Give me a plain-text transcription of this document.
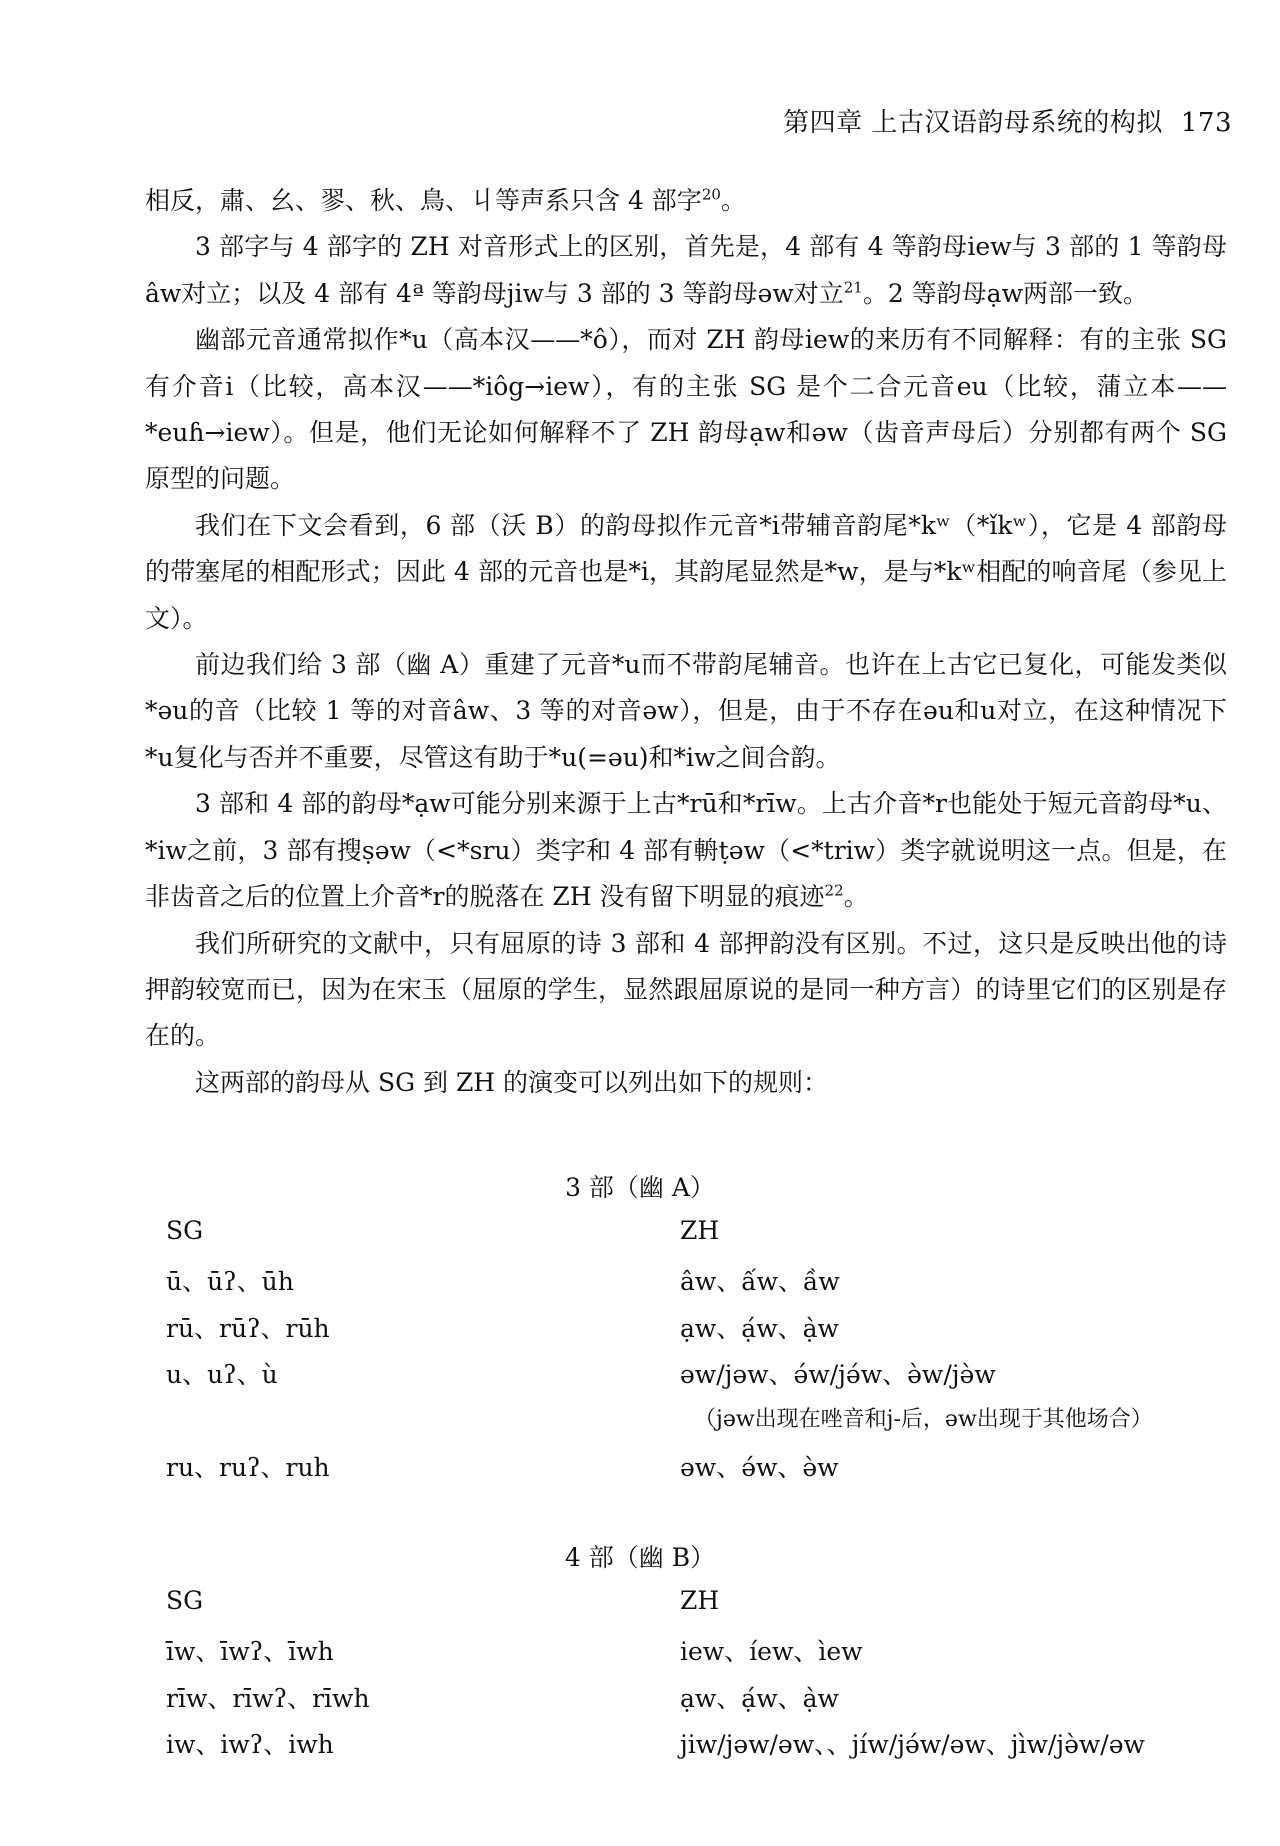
第四章 上古汉语韵母系统的构拟 173

相反，肅、幺、翏、秋、鳥、丩等声系只含 4 部字$^{20}$。

3 部字与 4 部字的 ZH 对音形式上的区别，首先是，4 部有 4 等韵母iew与 3 部的 1 等韵母âw对立；以及 4 部有 4ª 等韵母jiw与 3 部的 3 等韵母əw对立$^{21}$。2 等韵母ạw两部一致。

幽部元音通常拟作*u（高本汉——*ô），而对 ZH 韵母iew的来历有不同解释：有的主张 SG 有介音i（比较，高本汉——*iôg→iew），有的主张 SG 是个二合元音eu（比较，蒲立本——*euɦ→iew）。但是，他们无论如何解释不了 ZH 韵母ạw和əw（齿音声母后）分别都有两个 SG 原型的问题。

我们在下文会看到，6 部（沃 B）的韵母拟作元音*i带辅音韵尾*kʷ（*ǐkʷ），它是 4 部韵母的带塞尾的相配形式；因此 4 部的元音也是*i，其韵尾显然是*w，是与*kʷ相配的响音尾（参见上文）。

前边我们给 3 部（幽 A）重建了元音*u而不带韵尾辅音。也许在上古它已复化，可能发类似*əu的音（比较 1 等的对音âw、3 等的对音əw），但是，由于不存在əu和u对立，在这种情况下*u复化与否并不重要，尽管这有助于*u(=əu)和*iw之间合韵。

3 部和 4 部的韵母*ạw可能分别来源于上古*rū和*rīw。上古介音*r也能处于短元音韵母*u、*iw之前，3 部有搜ṣəw（<*sru）类字和 4 部有輈ṭəw（<*triw）类字就说明这一点。但是，在非齿音之后的位置上介音*r的脱落在 ZH 没有留下明显的痕迹$^{22}$。

我们所研究的文献中，只有屈原的诗 3 部和 4 部押韵没有区别。不过，这只是反映出他的诗押韵较宽而已，因为在宋玉（屈原的学生，显然跟屈原说的是同一种方言）的诗里它们的区别是存在的。

这两部的韵母从 SG 到 ZH 的演变可以列出如下的规则：

3 部（幽 A）
SG	ZH
ū、ūʔ、ūh	âw、ấw、ầw
rū、rūʔ、rūh	ạw、ạ́w、ạ̀w
u、uʔ、ù	əw/jəw、ə́w/jə́w、ə̀w/jə̀w
（jəw出现在唑音和j-后，əw出现于其他场合）
ru、ruʔ、ruh	əw、ə́w、ə̀w
4 部（幽 B）
SG	ZH
īw、īwʔ、īwh	iew、íew、ìew
rīw、rīwʔ、rīwh	ạw、ạ́w、ạ̀w
iw、iwʔ、iwh	jiw/jəw/əw、、jíw/jə́w/əw、jìw/jə̀w/əw
